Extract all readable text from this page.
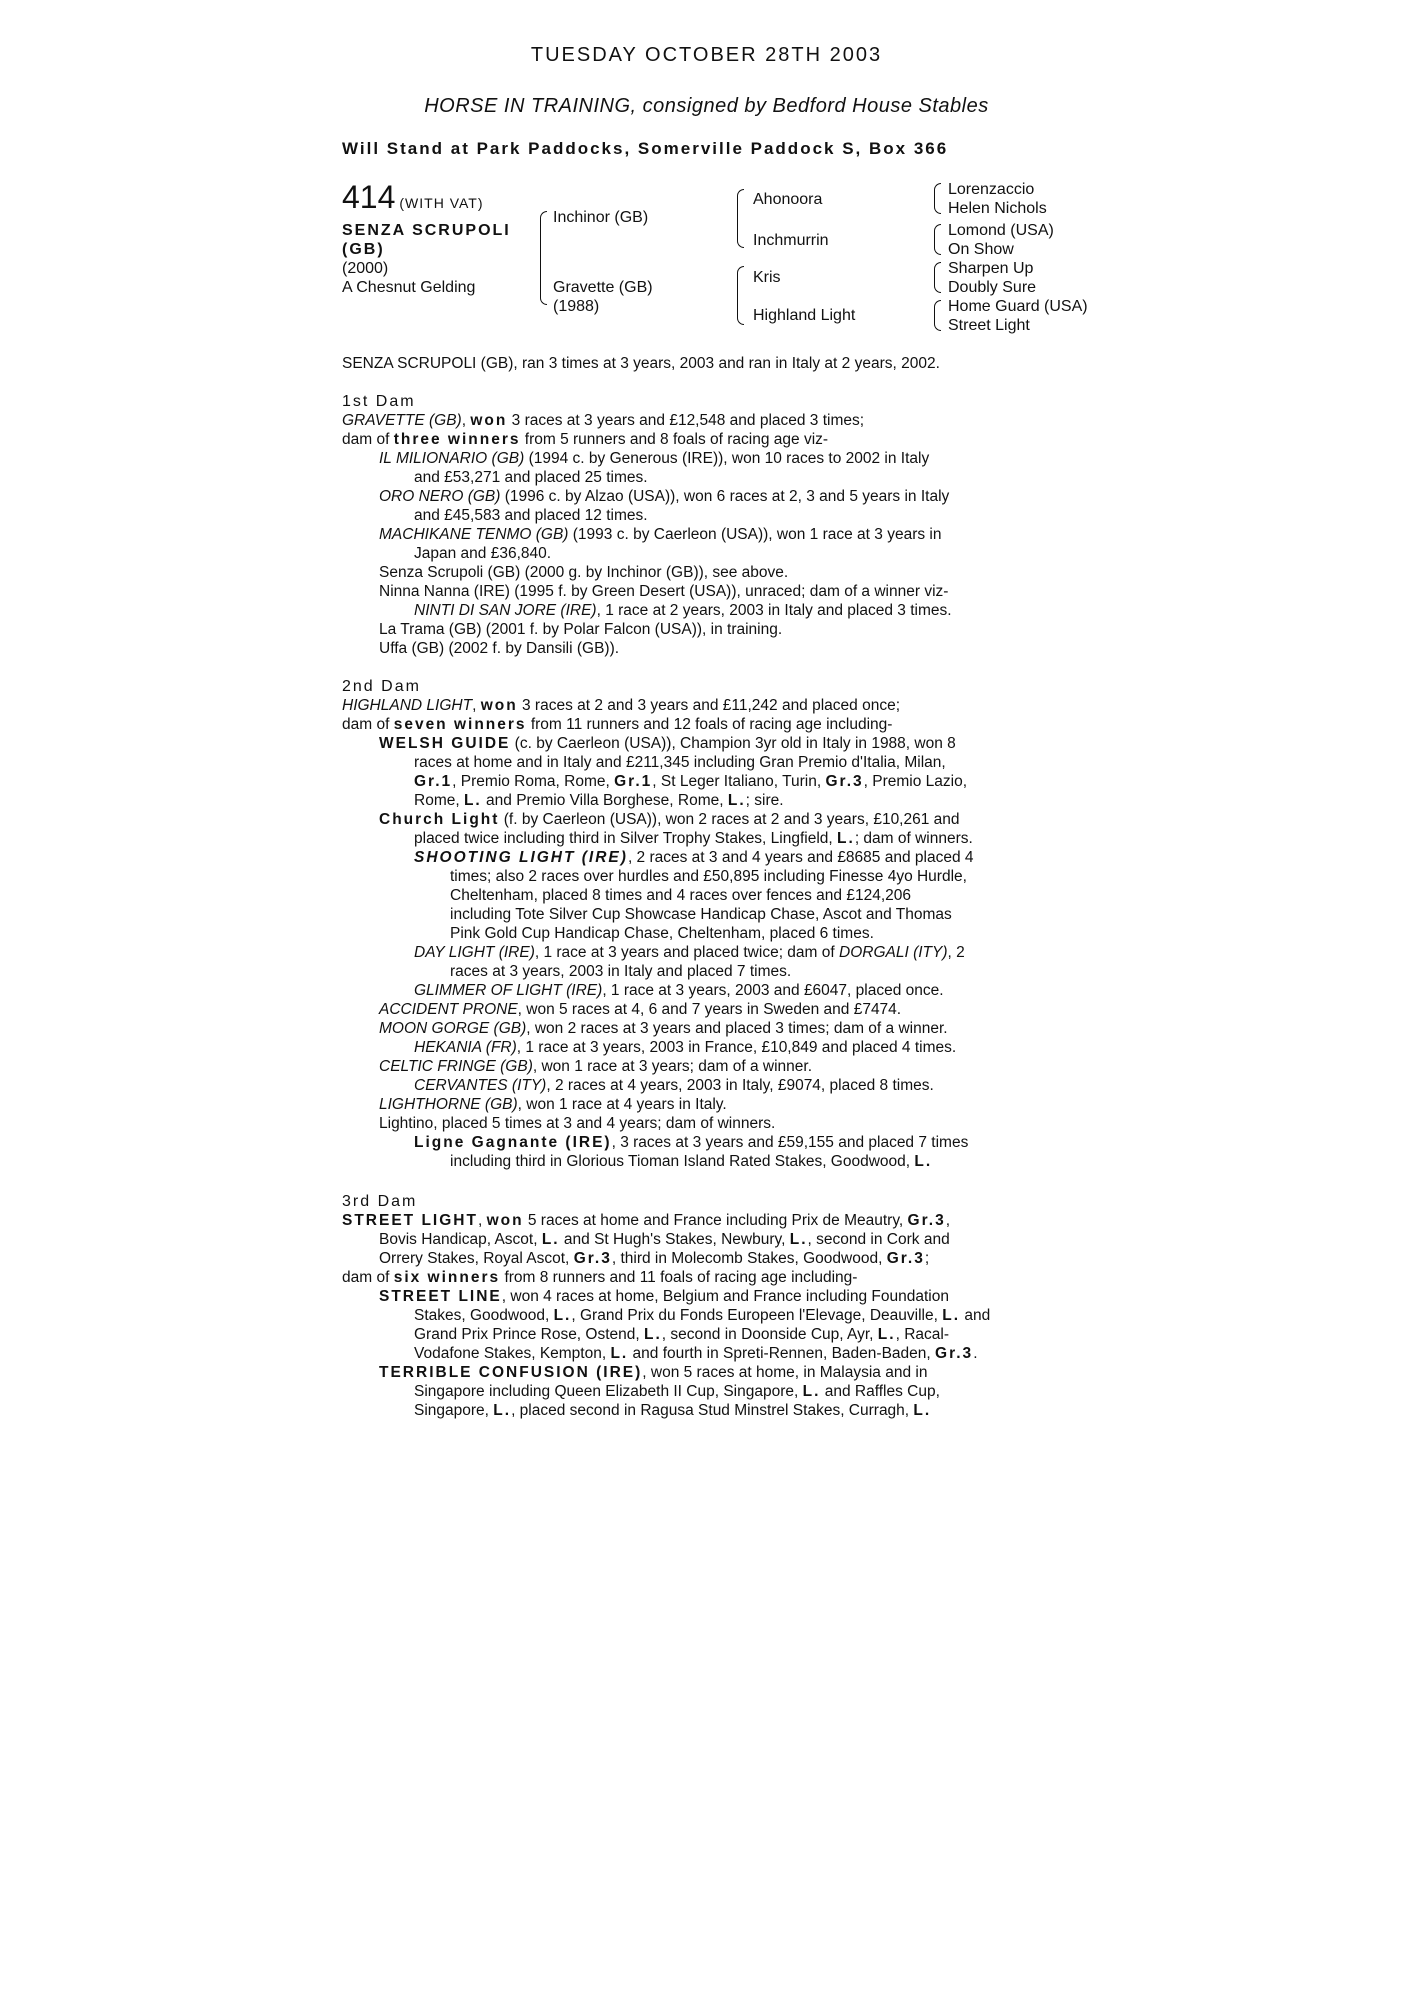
TUESDAY OCTOBER 28TH 2003
HORSE IN TRAINING, consigned by Bedford House Stables
Will Stand at Park Paddocks, Somerville Paddock S, Box 366
414 (WITH VAT)
SENZA SCRUPOLI
(GB)
(2000)
A Chesnut Gelding
Inchinor (GB)
Gravette (GB)
(1988)
Ahonoora
Inchmurrin
Kris
Highland Light
Lorenzaccio
Helen Nichols
Lomond (USA)
On Show
Sharpen Up
Doubly Sure
Home Guard (USA)
Street Light
SENZA SCRUPOLI (GB), ran 3 times at 3 years, 2003 and ran in Italy at 2 years, 2002.
1st Dam
GRAVETTE (GB), won 3 races at 3 years and £12,548 and placed 3 times;
dam of three winners from 5 runners and 8 foals of racing age viz-
IL MILIONARIO (GB) (1994 c. by Generous (IRE)), won 10 races to 2002 in Italy
and £53,271 and placed 25 times.
ORO NERO (GB) (1996 c. by Alzao (USA)), won 6 races at 2, 3 and 5 years in Italy
and £45,583 and placed 12 times.
MACHIKANE TENMO (GB) (1993 c. by Caerleon (USA)), won 1 race at 3 years in
Japan and £36,840.
Senza Scrupoli (GB) (2000 g. by Inchinor (GB)), see above.
Ninna Nanna (IRE) (1995 f. by Green Desert (USA)), unraced; dam of a winner viz-
NINTI DI SAN JORE (IRE), 1 race at 2 years, 2003 in Italy and placed 3 times.
La Trama (GB) (2001 f. by Polar Falcon (USA)), in training.
Uffa (GB) (2002 f. by Dansili (GB)).
2nd Dam
HIGHLAND LIGHT, won 3 races at 2 and 3 years and £11,242 and placed once;
dam of seven winners from 11 runners and 12 foals of racing age including-
WELSH GUIDE (c. by Caerleon (USA)), Champion 3yr old in Italy in 1988, won 8
races at home and in Italy and £211,345 including Gran Premio d'Italia, Milan,
Gr.1, Premio Roma, Rome, Gr.1, St Leger Italiano, Turin, Gr.3, Premio Lazio,
Rome, L. and Premio Villa Borghese, Rome, L.; sire.
Church Light (f. by Caerleon (USA)), won 2 races at 2 and 3 years, £10,261 and
placed twice including third in Silver Trophy Stakes, Lingfield, L.; dam of winners.
SHOOTING LIGHT (IRE), 2 races at 3 and 4 years and £8685 and placed 4
times; also 2 races over hurdles and £50,895 including Finesse 4yo Hurdle,
Cheltenham, placed 8 times and 4 races over fences and £124,206
including Tote Silver Cup Showcase Handicap Chase, Ascot and Thomas
Pink Gold Cup Handicap Chase, Cheltenham, placed 6 times.
DAY LIGHT (IRE), 1 race at 3 years and placed twice; dam of DORGALI (ITY), 2
races at 3 years, 2003 in Italy and placed 7 times.
GLIMMER OF LIGHT (IRE), 1 race at 3 years, 2003 and £6047, placed once.
ACCIDENT PRONE, won 5 races at 4, 6 and 7 years in Sweden and £7474.
MOON GORGE (GB), won 2 races at 3 years and placed 3 times; dam of a winner.
HEKANIA (FR), 1 race at 3 years, 2003 in France, £10,849 and placed 4 times.
CELTIC FRINGE (GB), won 1 race at 3 years; dam of a winner.
CERVANTES (ITY), 2 races at 4 years, 2003 in Italy, £9074, placed 8 times.
LIGHTHORNE (GB), won 1 race at 4 years in Italy.
Lightino, placed 5 times at 3 and 4 years; dam of winners.
Ligne Gagnante (IRE), 3 races at 3 years and £59,155 and placed 7 times
including third in Glorious Tioman Island Rated Stakes, Goodwood, L.
3rd Dam
STREET LIGHT, won 5 races at home and France including Prix de Meautry, Gr.3,
Bovis Handicap, Ascot, L. and St Hugh's Stakes, Newbury, L., second in Cork and
Orrery Stakes, Royal Ascot, Gr.3, third in Molecomb Stakes, Goodwood, Gr.3;
dam of six winners from 8 runners and 11 foals of racing age including-
STREET LINE, won 4 races at home, Belgium and France including Foundation
Stakes, Goodwood, L., Grand Prix du Fonds Europeen l'Elevage, Deauville, L. and
Grand Prix Prince Rose, Ostend, L., second in Doonside Cup, Ayr, L., Racal-
Vodafone Stakes, Kempton, L. and fourth in Spreti-Rennen, Baden-Baden, Gr.3.
TERRIBLE CONFUSION (IRE), won 5 races at home, in Malaysia and in
Singapore including Queen Elizabeth II Cup, Singapore, L. and Raffles Cup,
Singapore, L., placed second in Ragusa Stud Minstrel Stakes, Curragh, L.
